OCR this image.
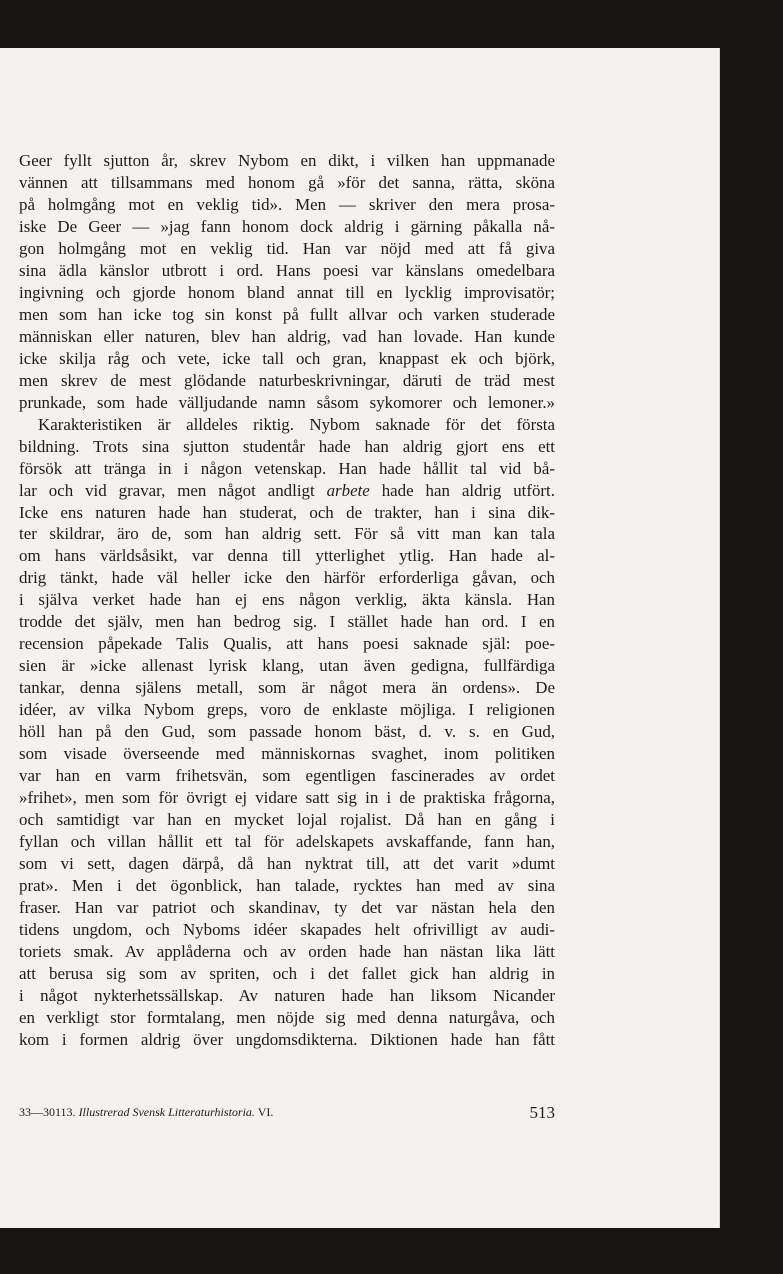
Geer fyllt sjutton år, skrev Nybom en dikt, i vilken han uppmanade
vännen att tillsammans med honom gå »för det sanna, rätta, sköna
på holmgång mot en veklig tid». Men — skriver den mera prosa-
iske De Geer — »jag fann honom dock aldrig i gärning påkalla nå-
gon holmgång mot en veklig tid. Han var nöjd med att få giva
sina ädla känslor utbrott i ord. Hans poesi var känslans omedelbara
ingivning och gjorde honom bland annat till en lycklig improvisatör;
men som han icke tog sin konst på fullt allvar och varken studerade
människan eller naturen, blev han aldrig, vad han lovade. Han kunde
icke skilja råg och vete, icke tall och gran, knappast ek och björk,
men skrev de mest glödande naturbeskrivningar, däruti de träd mest
prunkade, som hade välljudande namn såsom sykomorer och lemoner.»
Karakteristiken är alldeles riktig. Nybom saknade för det första
bildning. Trots sina sjutton studentår hade han aldrig gjort ens ett
försök att tränga in i någon vetenskap. Han hade hållit tal vid bå-
lar och vid gravar, men något andligt arbete hade han aldrig utfört.
Icke ens naturen hade han studerat, och de trakter, han i sina dik-
ter skildrar, äro de, som han aldrig sett. För så vitt man kan tala
om hans världsåsikt, var denna till ytterlighet ytlig. Han hade al-
drig tänkt, hade väl heller icke den härför erforderliga gåvan, och
i själva verket hade han ej ens någon verklig, äkta känsla. Han
trodde det själv, men han bedrog sig. I stället hade han ord. I en
recension påpekade Talis Qualis, att hans poesi saknade själ: poe-
sien är »icke allenast lyrisk klang, utan även gedigna, fullfärdiga
tankar, denna själens metall, som är något mera än ordens». De
idéer, av vilka Nybom greps, voro de enklaste möjliga. I religionen
höll han på den Gud, som passade honom bäst, d. v. s. en Gud,
som visade överseende med människornas svaghet, inom politiken
var han en varm frihetsvän, som egentligen fascinerades av ordet
»frihet», men som för övrigt ej vidare satt sig in i de praktiska frågorna,
och samtidigt var han en mycket lojal rojalist. Då han en gång i
fyllan och villan hållit ett tal för adelskapets avskaffande, fann han,
som vi sett, dagen därpå, då han nyktrat till, att det varit »dumt
prat». Men i det ögonblick, han talade, rycktes han med av sina
fraser. Han var patriot och skandinav, ty det var nästan hela den
tidens ungdom, och Nyboms idéer skapades helt ofrivilligt av audi-
toriets smak. Av applåderna och av orden hade han nästan lika lätt
att berusa sig som av spriten, och i det fallet gick han aldrig in
i något nykterhetssällskap. Av naturen hade han liksom Nicander
en verkligt stor formtalang, men nöjde sig med denna naturgåva, och
kom i formen aldrig över ungdomsdikterna. Diktionen hade han fått
33—30113. Illustrerad Svensk Litteraturhistoria. VI.	513
